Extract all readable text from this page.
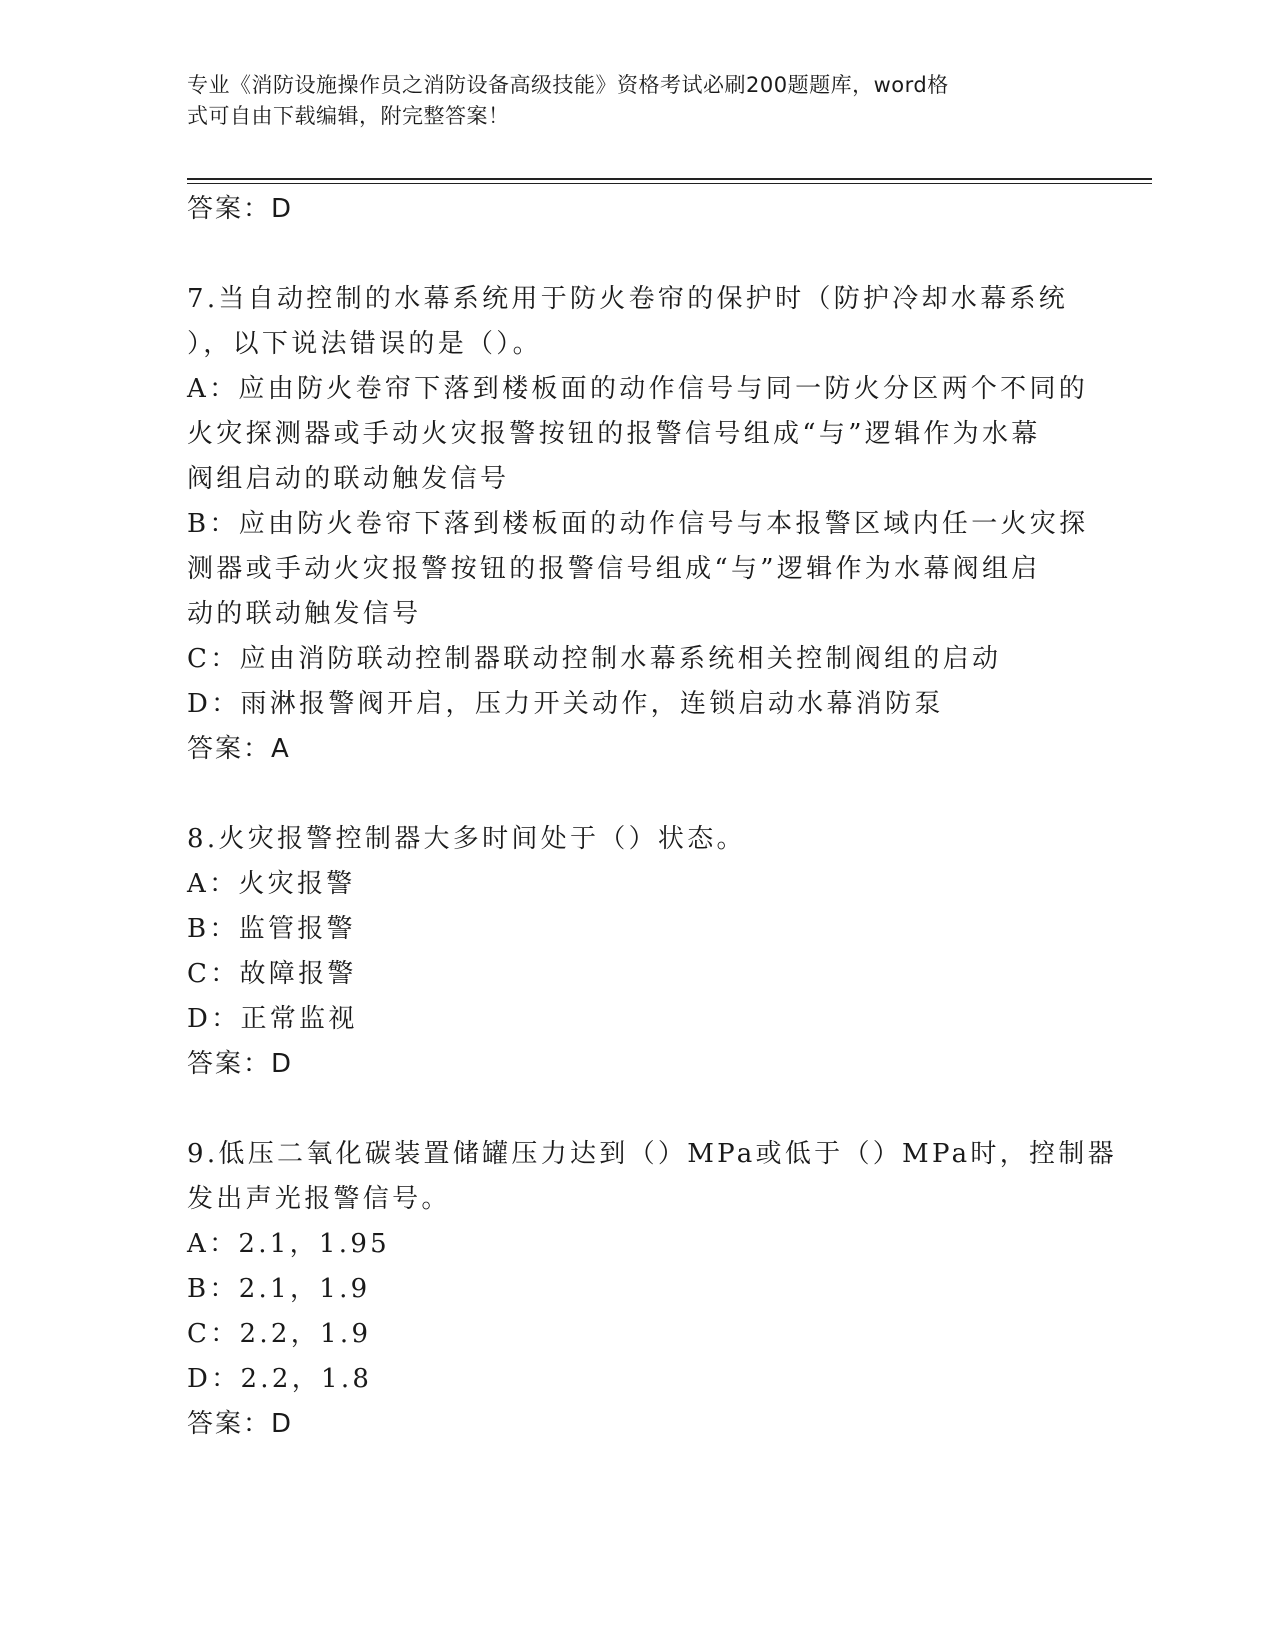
专业《消防设施操作员之消防设备高级技能》资格考试必刷200题题库，word格
式可自由下载编辑，附完整答案！
答案：D
7.当自动控制的水幕系统用于防火卷帘的保护时（防护冷却水幕系统
），以下说法错误的是（）。
A：应由防火卷帘下落到楼板面的动作信号与同一防火分区两个不同的
火灾探测器或手动火灾报警按钮的报警信号组成“与”逻辑作为水幕
阀组启动的联动触发信号
B：应由防火卷帘下落到楼板面的动作信号与本报警区域内任一火灾探
测器或手动火灾报警按钮的报警信号组成“与”逻辑作为水幕阀组启
动的联动触发信号
C：应由消防联动控制器联动控制水幕系统相关控制阀组的启动
D：雨淋报警阀开启，压力开关动作，连锁启动水幕消防泵
答案：A
8.火灾报警控制器大多时间处于（）状态。
A：火灾报警
B：监管报警
C：故障报警
D：正常监视
答案：D
9.低压二氧化碳装置储罐压力达到（）MPa或低于（）MPa时，控制器
发出声光报警信号。
A：2.1，1.95
B：2.1，1.9
C：2.2，1.9
D：2.2，1.8
答案：D
